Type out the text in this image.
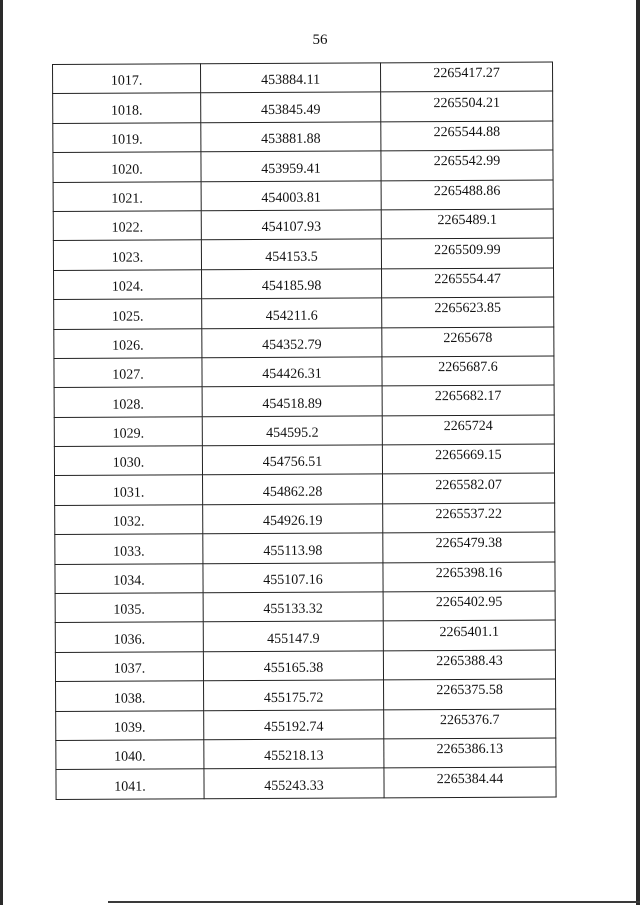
56
1017.	453884.11	2265417.27
1018.	453845.49	2265504.21
1019.	453881.88	2265544.88
1020.	453959.41	2265542.99
1021.	454003.81	2265488.86
1022.	454107.93	2265489.1
1023.	454153.5	2265509.99
1024.	454185.98	2265554.47
1025.	454211.6	2265623.85
1026.	454352.79	2265678
1027.	454426.31	2265687.6
1028.	454518.89	2265682.17
1029.	454595.2	2265724
1030.	454756.51	2265669.15
1031.	454862.28	2265582.07
1032.	454926.19	2265537.22
1033.	455113.98	2265479.38
1034.	455107.16	2265398.16
1035.	455133.32	2265402.95
1036.	455147.9	2265401.1
1037.	455165.38	2265388.43
1038.	455175.72	2265375.58
1039.	455192.74	2265376.7
1040.	455218.13	2265386.13
1041.	455243.33	2265384.44
